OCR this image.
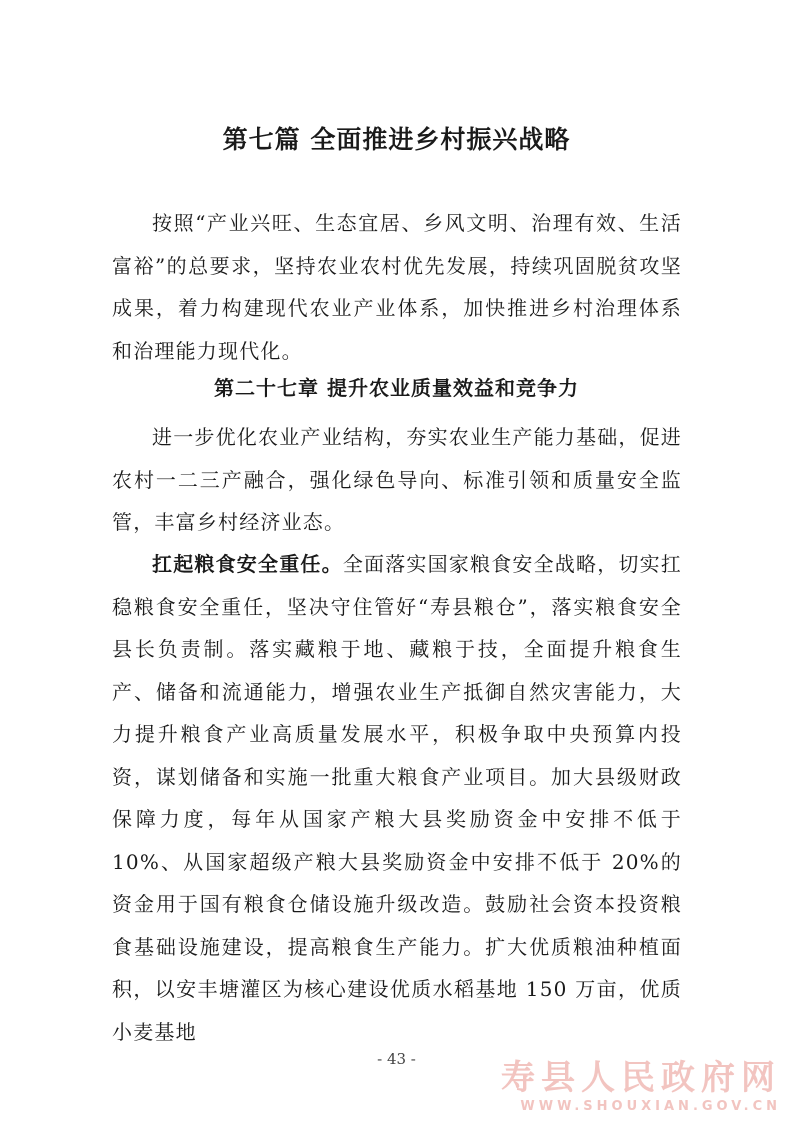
第七篇 全面推进乡村振兴战略

按照“产业兴旺、生态宜居、乡风文明、治理有效、生活富裕”的总要求，坚持农业农村优先发展，持续巩固脱贫攻坚成果，着力构建现代农业产业体系，加快推进乡村治理体系和治理能力现代化。

第二十七章 提升农业质量效益和竞争力

进一步优化农业产业结构，夯实农业生产能力基础，促进农村一二三产融合，强化绿色导向、标准引领和质量安全监管，丰富乡村经济业态。

扛起粮食安全重任。全面落实国家粮食安全战略，切实扛稳粮食安全重任，坚决守住管好“寿县粮仓”，落实粮食安全县长负责制。落实藏粮于地、藏粮于技，全面提升粮食生产、储备和流通能力，增强农业生产抵御自然灾害能力，大力提升粮食产业高质量发展水平，积极争取中央预算内投资，谋划储备和实施一批重大粮食产业项目。加大县级财政保障力度，每年从国家产粮大县奖励资金中安排不低于 10%、从国家超级产粮大县奖励资金中安排不低于 20%的资金用于国有粮食仓储设施升级改造。鼓励社会资本投资粮食基础设施建设，提高粮食生产能力。扩大优质粮油种植面积，以安丰塘灌区为核心建设优质水稻基地 150 万亩，优质小麦基地

- 43 -	寿县人民政府网
WWW.SHOUXIAN.GOV.CN
